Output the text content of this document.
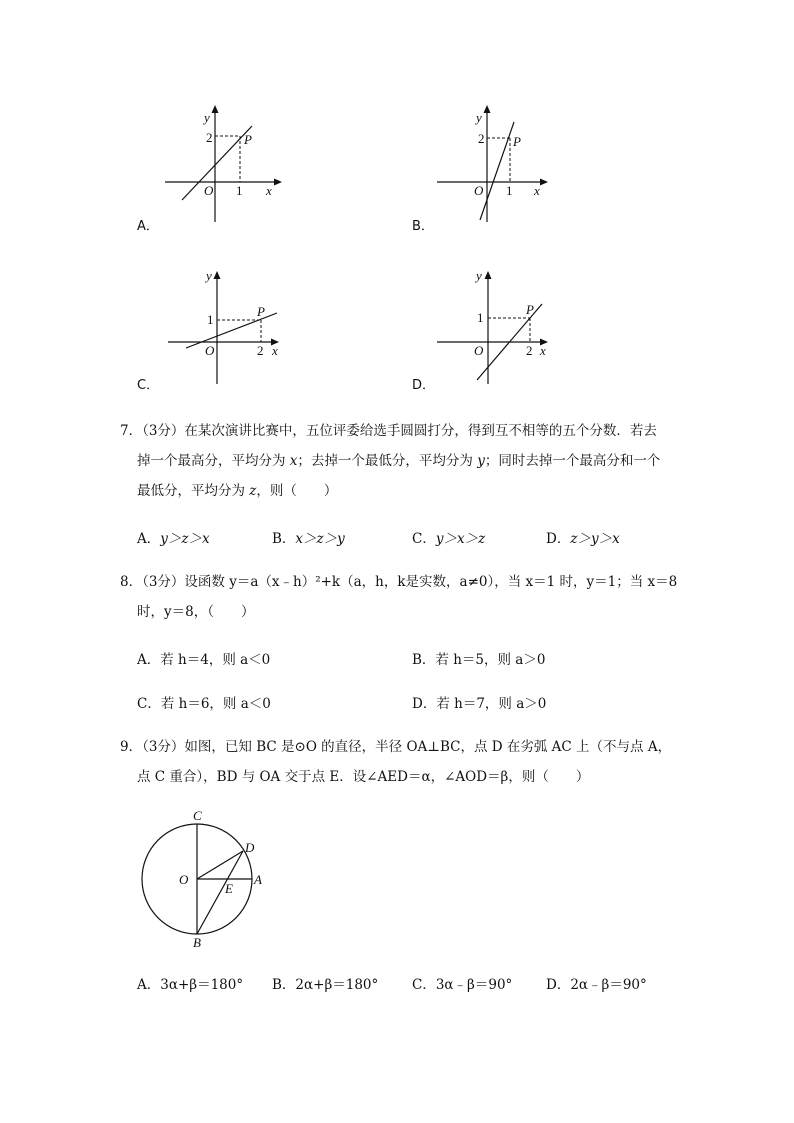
y
2 P
O 1 x
A．
y
2 P
O 1 x
B．
y
1
P
O	2 x
C．
y
1
P
O	2 x
D．
7．（3分）在某次演讲比赛中，五位评委给选手圆圆打分，得到互不相等的五个分数．若去
掉一个最高分，平均分为 x；去掉一个最低分，平均分为 y；同时去掉一个最高分和一个
最低分，平均分为 z，则（　　）
A．y＞z＞x	B．x＞z＞y	C．y＞x＞z	D．z＞y＞x
8．（3分）设函数 y＝a（x﹣h）²+k（a，h，k是实数，a≠0），当 x＝1 时，y＝1；当 x＝8
时，y＝8，（　　）
A．若 h＝4，则 a＜0	B．若 h＝5，则 a＞0
C．若 h＝6，则 a＜0	D．若 h＝7，则 a＞0
9．（3分）如图，已知 BC 是⊙O 的直径，半径 OA⊥BC，点 D 在劣弧 AC 上（不与点 A，
点 C 重合），BD 与 OA 交于点 E．设∠AED＝α，∠AOD＝β，则（　　）
C
D
O	A
E
B
A．3α+β＝180° B．2α+β＝180° C．3α﹣β＝90° D．2α﹣β＝90°
